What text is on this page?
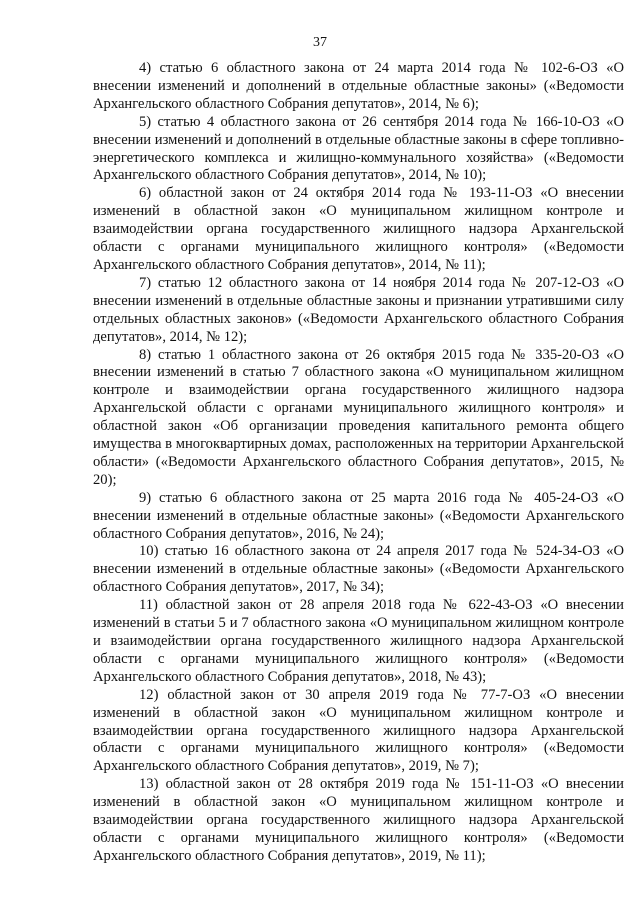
37

4) статью 6 областного закона от 24 марта 2014 года № 102-6-ОЗ «О внесении изменений и дополнений в отдельные областные законы» («Ведомости Архангельского областного Собрания депутатов», 2014, № 6);

5) статью 4 областного закона от 26 сентября 2014 года № 166-10-ОЗ «О внесении изменений и дополнений в отдельные областные законы в сфере топливно-энергетического комплекса и жилищно-коммунального хозяйства» («Ведомости Архангельского областного Собрания депутатов», 2014, № 10);

6) областной закон от 24 октября 2014 года № 193-11-ОЗ «О внесении изменений в областной закон «О муниципальном жилищном контроле и взаимодействии органа государственного жилищного надзора Архангельской области с органами муниципального жилищного контроля» («Ведомости Архангельского областного Собрания депутатов», 2014, № 11);

7) статью 12 областного закона от 14 ноября 2014 года № 207-12-ОЗ «О внесении изменений в отдельные областные законы и признании утратившими силу отдельных областных законов» («Ведомости Архангельского областного Собрания депутатов», 2014, № 12);

8) статью 1 областного закона от 26 октября 2015 года № 335-20-ОЗ «О внесении изменений в статью 7 областного закона «О муниципальном жилищном контроле и взаимодействии органа государственного жилищного надзора Архангельской области с органами муниципального жилищного контроля» и областной закон «Об организации проведения капитального ремонта общего имущества в многоквартирных домах, расположенных на территории Архангельской области» («Ведомости Архангельского областного Собрания депутатов», 2015, № 20);

9) статью 6 областного закона от 25 марта 2016 года № 405-24-ОЗ «О внесении изменений в отдельные областные законы» («Ведомости Архангельского областного Собрания депутатов», 2016, № 24);

10) статью 16 областного закона от 24 апреля 2017 года № 524-34-ОЗ «О внесении изменений в отдельные областные законы» («Ведомости Архангельского областного Собрания депутатов», 2017, № 34);

11) областной закон от 28 апреля 2018 года № 622-43-ОЗ «О внесении изменений в статьи 5 и 7 областного закона «О муниципальном жилищном контроле и взаимодействии органа государственного жилищного надзора Архангельской области с органами муниципального жилищного контроля» («Ведомости Архангельского областного Собрания депутатов», 2018, № 43);

12) областной закон от 30 апреля 2019 года № 77-7-ОЗ «О внесении изменений в областной закон «О муниципальном жилищном контроле и взаимодействии органа государственного жилищного надзора Архангельской области с органами муниципального жилищного контроля» («Ведомости Архангельского областного Собрания депутатов», 2019, № 7);

13) областной закон от 28 октября 2019 года № 151-11-ОЗ «О внесении изменений в областной закон «О муниципальном жилищном контроле и взаимодействии органа государственного жилищного надзора Архангельской области с органами муниципального жилищного контроля» («Ведомости Архангельского областного Собрания депутатов», 2019, № 11);
